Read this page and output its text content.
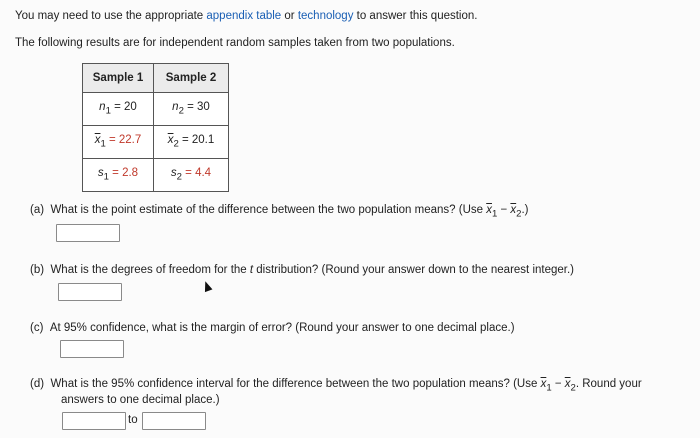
You may need to use the appropriate appendix table or technology to answer this question.
The following results are for independent random samples taken from two populations.
Sample 1	Sample 2
$n_1 = 20$	$n_2 = 30$
$\overline{x}_1 = 22.7$	$\overline{x}_2 = 20.1$
$s_1 = 2.8$	$s_2 = 4.4$
(a) What is the point estimate of the difference between the two population means? (Use $\overline{x}_1 - \overline{x}_2$.)
(b) What is the degrees of freedom for the t distribution? (Round your answer down to the nearest integer.)
(c) At 95% confidence, what is the margin of error? (Round your answer to one decimal place.)
(d) What is the 95% confidence interval for the difference between the two population means? (Use $\overline{x}_1 - \overline{x}_2$. Round your
answers to one decimal place.)
to
